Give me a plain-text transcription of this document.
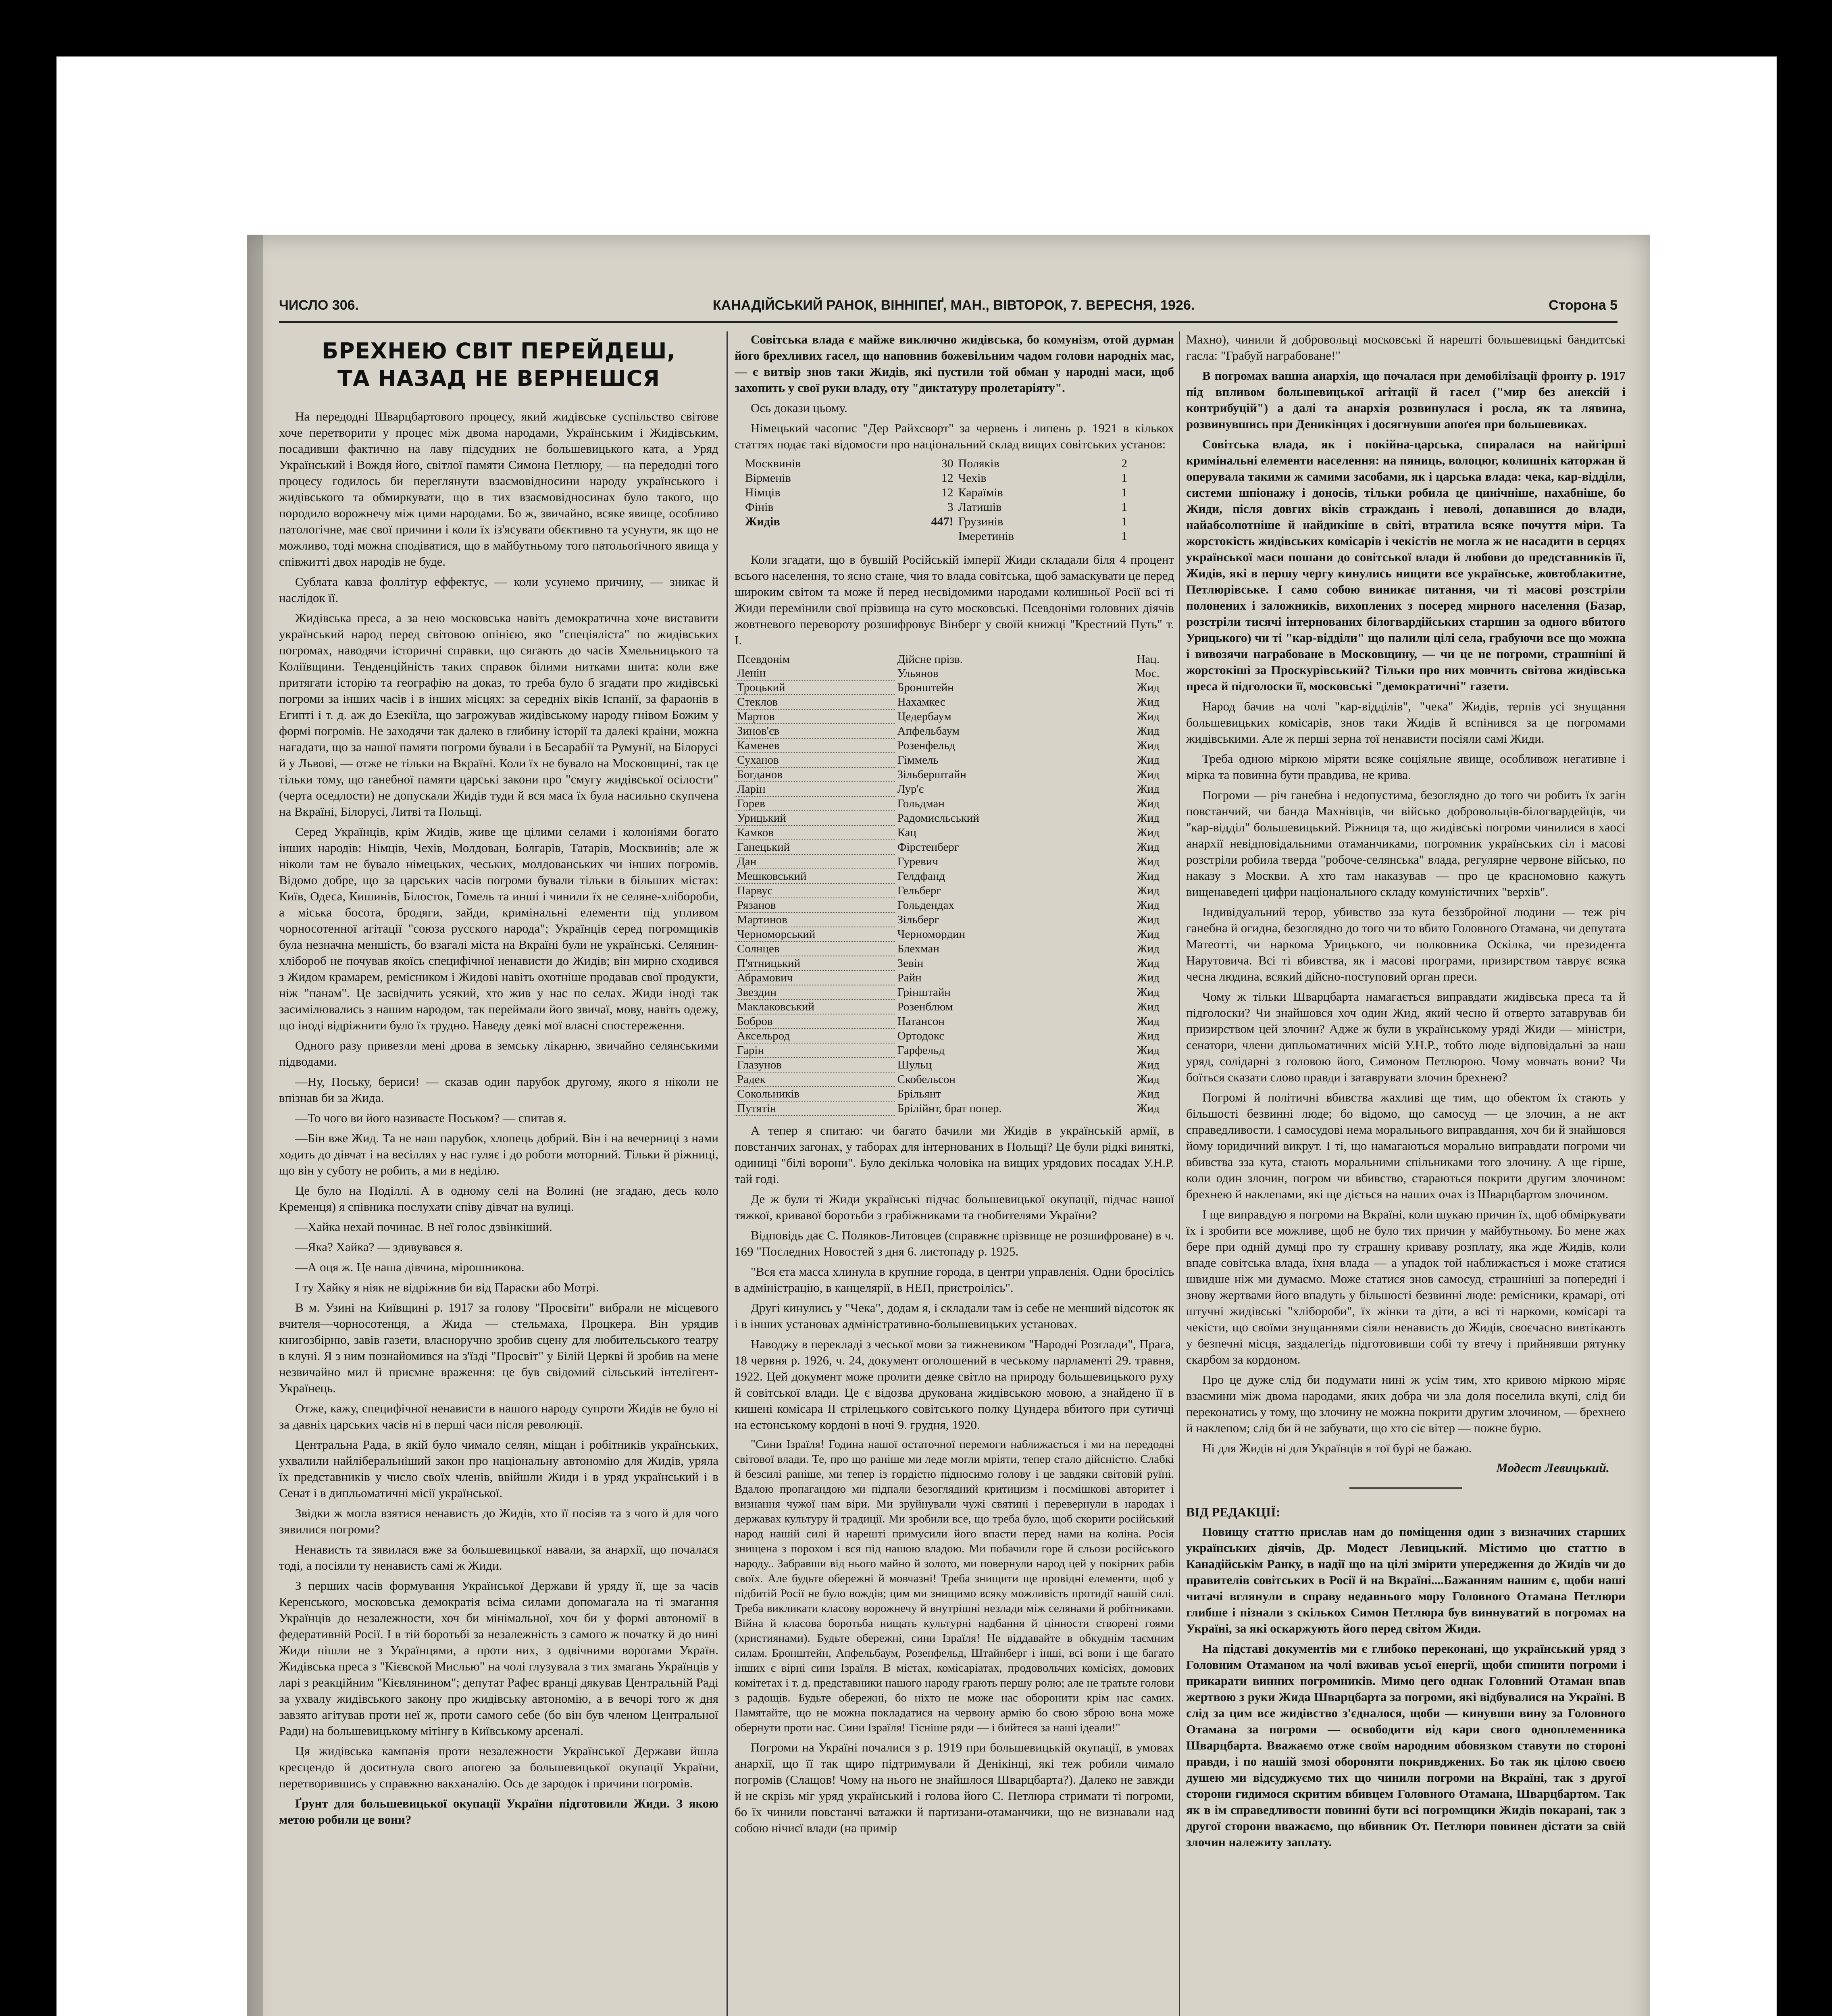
ЧИСЛО 306.	КАНАДІЙСЬКИЙ РАНОК, ВІННІПЕҐ, МАН., ВІВТОРОК, 7. ВЕРЕСНЯ, 1926.	Сторона 5
БРЕХНЕЮ СВІТ ПЕРЕЙДЕШ, ТА НАЗАД НЕ ВЕРНЕШСЯ

На передодні Шварцбартового процесу, який жидівське суспільство світове хоче перетворити у процес між двома народами, Українським і Жидівським, посадивши фактично на лаву підсудних не большевицького ката, а Уряд Український і Вождя його, світлої памяти Симона Петлюру, — на передодні того процесу годилось би переглянути взаємовідносини народу українського і жидівського та обмиркувати, що в тих взаємовідносинах було такого, що породило ворожнечу між цими народами. Бо ж, звичайно, всяке явище, особливо патологічне, має свої причини і коли їх із'ясувати обєктивно та усунути, як що не можливо, тоді можна сподіватися, що в майбутньому того патольоґічного явища у співжитті двох народів не буде.

Сублата кавза фоллітур еффектус, — коли усунемо причину, — зникає й наслідок її.

Жидівська преса, а за нею московська навіть демократична хоче виставити український народ перед світовою опінією, яко "спеціяліста" по жидівських погромах, наводячи історичні справки, що сягають до часів Хмельницького та Коліївщини. Тенденційність таких справок білими нитками шита: коли вже притягати історію та географію на доказ, то треба було б згадати про жидівські погроми за інших часів і в інших місцях: за середніх віків Іспанії, за фараонів в Египті і т. д. аж до Езекіїла, що загрожував жидівському народу гнівом Божим у формі погромів. Не заходячи так далеко в глибину історії та далекі краіни, можна нагадати, що за нашої памяти погроми бували і в Бесарабії та Румунії, на Білорусі й у Львові, — отже не тільки на Вкраїні. Коли їх не бувало на Московщині, так це тільки тому, що ганебної памяти царські закони про "смугу жидівської осілости" (черта оседлости) не допускали Жидів туди й вся маса їх була насильно скупчена на Вкраїні, Білорусі, Литві та Польщі.

Серед Українців, крім Жидів, живе ще цілими селами і колоніями богато інших народів: Німців, Чехів, Молдован, Болгарів, Татарів, Москвинів; але ж ніколи там не бувало німецьких, чеських, молдованських чи інших погромів. Відомо добре, що за царських часів погроми бували тільки в більших містах: Київ, Одеса, Кишинів, Білосток, Гомель та инші і чинили їх не селяне-хлібороби, а міська босота, бродяги, зайди, кримінальні елементи під упливом чорносотенної агітації "союза русского народа"; Українців серед погромщиків була незначна меншість, бо взагалі міста на Вкраїні були не українські. Селянин-хлібороб не почував якоїсь специфічної ненависти до Жидів; він мирно сходився з Жидом крамарем, ремісником і Жидові навіть охотніше продавав свої продукти, ніж "панам". Це засвідчить усякий, хто жив у нас по селах. Жиди іноді так засимілювались з нашим народом, так переймали його звичаї, мову, навіть одежу, що іноді відріжнити було їх трудно. Наведу деякі мої власні спостереження.

Одного разу привезли мені дрова в земську лікарню, звичайно селянськими підводами.

—Ну, Поську, бериси! — сказав один парубок другому, якого я ніколи не впізнав би за Жида.

—То чого ви його називаєте Поськом? — спитав я.

—Бін вже Жид. Та не наш парубок, хлопець добрий. Він і на вечерниці з нами ходить до дівчат і на весіллях у нас гуляє і до роботи моторний. Тільки й ріжниці, що він у суботу не робить, а ми в неділю.

Це було на Поділлі. А в одному селі на Волині (не згадаю, десь коло Кременця) я співника послухати співу дівчат на вулиці.

—Хайка нехай починає. В неї голос дзвінкіший.

—Яка? Хайка? — здивувався я.

—А оця ж. Це наша дівчина, мірошникова.

І ту Хайку я ніяк не відріжнив би від Параски або Мотрі.

В м. Узині на Київщині р. 1917 за голову "Просвіти" вибрали не місцевого вчителя—чорносотенця, а Жида — стельмаха, Процкера. Він урядив книгозбірню, завів газети, власноручно зробив сцену для любительського театру в клуні. Я з ним познайомився на з'їзді "Просвіт" у Білій Церкві й зробив на мене незвичайно мил й приємне враження: це був свідомий сільський інтелігент-Українець.

Отже, кажу, специфічної ненависти в нашого народу супроти Жидів не було ні за давніх царських часів ні в перші часи після революції.

Центральна Рада, в якій було чимало селян, міщан і робітників українських, ухвалили найліберальніший закон про національну автономію для Жидів, уряла їх представників у число своїх членів, ввійшли Жиди і в уряд український і в Сенат і в дипльоматичні місії української.

Звідки ж могла взятися ненависть до Жидів, хто її посіяв та з чого й для чого зявилися погроми?

Ненависть та зявилася вже за большевицької навали, за анархії, що почалася тоді, а посіяли ту ненависть самі ж Жиди.

З перших часів формування Української Держави й уряду її, ще за часів Керенського, московська демократія всіма силами допомагала на ті змагання Українців до незалежности, хоч би мінімальної, хоч би у формі автономії в федеративній Росії. І в тій боротьбі за незалежність з самого ж початку й до нині Жиди пішли не з Українцями, а проти них, з одвічними ворогами Україн. Жидівська преса з "Кієвской Мислью" на чолі глузувала з тих змагань Українців у ларі з реакційним "Кієвлянином"; депутат Рафес вранці дякував Центральній Раді за ухвалу жидівського закону про жидівську автономію, а в вечорі того ж дня завзято агітував проти неї ж, проти самого себе (бо він був членом Центральної Ради) на большевицькому мітінгу в Київському арсеналі.

Ця жидівська кампанія проти незалежности Української Держави йшла кресцендо й доситнула свого апогею за большевицької окупації України, перетворившись у справжню вакханалію. Ось де зародок і причини погромів.

Ґрунт для большевицької окупації України підготовили Жиди. З якою метою робили це вони?

Совітська влада є майже виключно жидівська, бо комунізм, отой дурман його брехливих гасел, що наповнив божевільним чадом голови народніх мас, — є витвір знов таки Жидів, які пустили той обман у народні маси, щоб захопить у свої руки владу, оту "диктатуру пролетаріяту".

Ось докази цьому.

Німецький часопис "Дер Райхсворт" за червень і липень р. 1921 в кількох статтях подає такі відомости про національний склад вищих совітських установ:

Москвинів	30	Поляків	2
Вірменів	12	Чехів	1
Німців	12	Караїмів	1
Фінів	3	Латишів	1
Жидів	447!	Грузинів	1
		Імеретинів	1

Коли згадати, що в бувшій Російській імперії Жиди складали біля 4 процент всього населення, то ясно стане, чия то влада совітська, щоб замаскувати це перед широким світом та може й перед несвідомими народами колишньої Росії всі ті Жиди перемінили свої прізвища на суто московські. Псевдоніми головних діячів жовтневого перевороту розшифровує Вінберг у своїй книжці "Крестний Путь" т. І.

Псевдонім	Дійсне прізв.	Нац.
Ленін	Ульянов	Мос.
Троцький	Бронштейн	Жид
Стеклов	Нахамкес	Жид
Мартов	Цедербаум	Жид
Зинов'єв	Апфельбаум	Жид
Каменев	Розенфельд	Жид
Суханов	Гіммель	Жид
Богданов	Зільберштайн	Жид
Ларін	Лур'є	Жид
Горев	Гольдман	Жид
Урицький	Радомисльський	Жид
Камков	Кац	Жид
Ганецький	Фірстенберг	Жид
Дан	Гуревич	Жид
Мешковський	Гелдфанд	Жид
Парвус	Гельберг	Жид
Рязанов	Гольдендах	Жид
Мартинов	Зільберг	Жид
Черноморський	Черномордин	Жид
Солнцев	Блехман	Жид
П'ятницький	Зевін	Жид
Абрамович	Райн	Жид
Звездин	Грінштайн	Жид
Маклаковський	Розенблюм	Жид
Бобров	Натансон	Жид
Аксельрод	Ортодокс	Жид
Гарін	Гарфельд	Жид
Глазунов	Шульц	Жид
Радек	Скобельсон	Жид
Сокольників	Брільянт	Жид
Путятін	Брілійнт, брат попер.	Жид

А тепер я спитаю: чи багато бачили ми Жидів в українській армії, в повстанчих загонах, у таборах для інтернованих в Польщі? Це були рідкі виняткі, одиниці "білі ворони". Було декілька чоловіка на вищих урядових посадах У.Н.Р. тай годі.

Де ж були ті Жиди українські підчас большевицької окупації, підчас нашої тяжкої, кривавої боротьби з грабіжниками та гнобителями України?

Відповідь дає С. Поляков-Литовцев (справжнє прізвище не розшифроване) в ч. 169 "Последних Новостей з дня 6. листопаду р. 1925.

"Вся єта масса хлинула в крупние города, в центри управлєнія. Одни бросілісь в адміністрацію, в канцелярії, в НЕП, пристроілісь".

Другі кинулись у "Чека", додам я, і складали там із себе не менший відсоток як і в інших установах адміністративно-большевицьких установах.

Наводжу в перекладі з чеської мови за тижневиком "Народні Розглади", Прага, 18 червня р. 1926, ч. 24, документ оголошений в чеському парламенті 29. травня, 1922. Цей документ може пролити деяке світло на природу большевицького руху й совітської влади. Це є відозва друкована жидівською мовою, а знайдено її в кишені комісара II стрілецького совітського полку Цундера вбитого при сутичці на естонському кордоні в ночі 9. грудня, 1920.

"Сини Ізраїля! Година нашої остаточної перемоги наближається і ми на передодні світової влади. Те, про що раніше ми леде могли мріяти, тепер стало дійсністю. Слабкі й безсилі раніше, ми тепер із гордістю підносимо голову і це завдяки світовій руїні. Вдалою пропагандою ми підпали безоглядний критицизм і посмішкові авторитет і визнання чужої нам віри. Ми зруйнували чужі святині і перевернули в народах і державах культуру й традиції. Ми зробили все, що треба було, щоб скорити російський народ нашій силі й нарешті примусили його впасти перед нами на коліна. Росія знищена з порохом і вся під нашою владою. Ми побачили горе й сльози російського народу.. Забравши від нього майно й золото, ми повернули народ цей у покірних рабів своїх. Але будьте обережні й мовчазні! Треба знищити ще провідні елементи, щоб у підбитій Росії не було вождів; цим ми знищимо всяку можливість протидії нашій силі. Треба викликати класову ворожнечу й внутрішні незлади між селянами й робітниками. Війна й класова боротьба нищать культурні надбання й цінности створені гоями (християнами). Будьте обережні, сини Ізраїля! Не віддавайте в обкуднім таємним силам. Бронштейн, Апфельбаум, Розенфельд, Штайнберг і інші, всі вони і ще багато інших є вірні сини Ізраїля. В містах, комісаріатах, продовольчих комісіях, домових комітетах і т. д. представники нашого народу грають першу ролю; але не тратьте голови з радощів. Будьте обережні, бо ніхто не може нас оборонити крім нас самих. Памятайте, що не можна покладатися на червону армію бо свою зброю вона може обернути проти нас. Сини Ізраїля! Тісніше ряди — і бийтеся за наші ідеали!"

Погроми на Україні почалися з р. 1919 при большевицькій окупації, в умовах анархії, що її так щиро підтримували й Денікінці, які теж робили чимало погромів (Слащов! Чому на нього не знайшлося Шварцбарта?). Далеко не завжди й не скрізь міг уряд український і голова його С. Петлюра стримати ті погроми, бо їх чинили повстанчі ватажки й партизани-отаманчики, що не визнавали над собою нічиєї влади (на примір

Махно), чинили й добровольці московські й нарешті большевицькі бандитські гасла: "Грабуй награбоване!"

В погромах вашна анархія, що почалася при демобілізації фронту р. 1917 під впливом большевицької агітації й гасел ("мир без анексій і контрибуцій") а далі та анархія розвинулася і росла, як та лявина, розвинувшись при Деникінцях і досягнувши апоґея при большевиках.

Совітська влада, як і покійна-царська, спиралася на найгірші кримінальні елементи населення: на пяниць, волоцюг, колишніх каторжан й оперувала такими ж самими засобами, як і царська влада: чека, кар-відділи, системи шпіонажу і доносів, тільки робила це цинічніше, нахабніше, бо Жиди, після довгих віків страждань і неволі, допавшися до влади, найабсолютніше й найдикіше в світі, втратила всяке почуття міри. Та жорстокість жидівських комісарів і чекістів не могла ж не насадити в серцях української маси пошани до совітської влади й любови до представників її, Жидів, які в першу чергу кинулись нищити все українське, жовтоблакитне, Петлюрівське. І само собою виникає питання, чи ті масові розстріли полонених і заложників, вихоплених з посеред мирного населення (Базар, розстріли тисячі інтернованих білогвардійських старшин за одного вбитого Урицького) чи ті "кар-відділи" що палили цілі села, грабуючи все що можна і вивозячи награбоване в Московщину, — чи це не погроми, страшніші й жорстокіші за Проскурівський? Тільки про них мовчить світова жидівська преса й підголоски її, московські "демократичні" газети.

Народ бачив на чолі "кар-відділів", "чека" Жидів, терпів усі знущання большевицьких комісарів, знов таки Жидів й вспінився за це погромами жидівськими. Але ж перші зерна тої ненависти посіяли самі Жиди.

Треба одною міркою міряти всяке соціяльне явище, особливож негативне і мірка та повинна бути правдива, не крива.

Погроми — річ ганебна і недопустима, безоглядно до того чи робить їх загін повстанчий, чи банда Махнівців, чи військо добровольців-білогвардейців, чи "кар-відділ" большевицький. Ріжниця та, що жидівські погроми чинилися в хаосі анархії невідповідальними отаманчиками, погромник українських сіл і масові розстріли робила тверда "робоче-селянська" влада, регулярне червоне військо, по наказу з Москви. А хто там наказував — про це красномовно кажуть вищенаведені цифри національного складу комуністичних "верхів".

Індивідуальний терор, убивство зза кута беззбройної людини — теж річ ганебна й огидна, безоглядно до того чи то вбито Головного Отамана, чи депутата Матеотті, чи наркома Урицького, чи полковника Оскілка, чи президента Нарутовича. Всі ті вбивства, як і масові програми, призирством таврує всяка чесна людина, всякий дійсно-поступовий орган преси.

Чому ж тільки Шварцбарта намагається виправдати жидівська преса та й підголоски? Чи знайшовся хоч один Жид, який чесно й отверто затаврував би призирством цей злочин? Адже ж були в українському уряді Жиди — міністри, сенатори, члени дипльоматичних місій У.Н.Р., тобто люде відповідальні за наш уряд, солідарні з головою його, Симоном Петлюрою. Чому мовчать вони? Чи боїться сказати слово правди і затаврувати злочин брехнею?

Погромі й політичні вбивства жахливі ще тим, що обектом їх стають у більшості безвинні люде; бо відомо, що самосуд — це злочин, а не акт справедливости. І самосудові нема моральнього виправдання, хоч би й знайшовся йому юридичний викрут. І ті, що намагаються морально виправдати погроми чи вбивства зза кута, стають моральними спільниками того злочину. А ще гірше, коли один злочин, погром чи вбивство, стараються покрити другим злочином: брехнею й наклепами, які ще діється на наших очах із Шварцбартом злочином.

І ще виправдую я погроми на Вкраїні, коли шукаю причин їх, щоб обміркувати їх і зробити все можливе, щоб не було тих причин у майбутньому. Бо мене жах бере при одній думці про ту страшну криваву розплату, яка жде Жидів, коли впаде совітська влада, їхня влада — а упадок той наближається і може статися швидше ніж ми думаємо. Може статися знов самосуд, страшніші за попередні і знову жертвами його впадуть у більшості безвинні люде: ремісники, крамарі, оті штучні жидівські "хлібороби", їх жінки та діти, а всі ті наркоми, комісарі та чекісти, що своїми знущаннями сіяли ненависть до Жидів, своєчасно вивтікають у безпечні місця, заздалегідь підготовивши собі ту втечу і прийнявши рятунку скарбом за кордоном.

Про це дуже слід би подумати нині ж усім тим, хто кривою міркою міряє взаємини між двома народами, яких добра чи зла доля поселила вкупі, слід би переконатись у тому, що злочину не можна покрити другим злочином, — брехнею й наклепом; слід би й не забувати, що хто сіє вітер — пожне бурю.

Ні для Жидів ні для Українців я тої бурі не бажаю.

Модест Левицький.
ВІД РЕДАКЦІЇ:

Повищу статтю прислав нам до поміщення один з визначних старших українських діячів, Др. Модест Левицький. Містимо цю статтю в Канадійськім Ранку, в надії що на цілі змірити упередження до Жидів чи до правителів совітських в Росії й на Вкраїні....Бажанням нашим є, щоби наші читачі вглянули в справу недавнього мору Головного Отамана Петлюри глибше і пізнали з скількох Симон Петлюра був виннуватий в погромах на Україні, за які оскаржують його перед світом Жиди.

На підставі документів ми є глибоко переконані, що український уряд з Головним Отаманом на чолі вживав усьої енергії, щоби спинити погроми і прикарати винних погромників. Мимо цего однак Головний Отаман впав жертвою з руки Жида Шварцбарта за погроми, які відбувалися на Україні. В слід за цим все жидівство з'єдналося, щоби — кинувши вину за Головного Отамана за погроми — освободити від кари свого одноплеменника Шварцбарта. Вважаємо отже своїм народним обовязком ставути по стороні правди, і по нашій змозі обороняти покривджених. Бо так як цілою своєю душею ми відсуджуємо тих що чинили погроми на Вкраїні, так з другої сторони гидимося скритим вбивцем Головного Отамана, Шварцбартом. Так як в ім справедливости повинні бути всі погромщики Жидів покарані, так з другої сторони вважаємо, що вбивник От. Петлюри повинен дістати за свій злочин належиту заплату.
